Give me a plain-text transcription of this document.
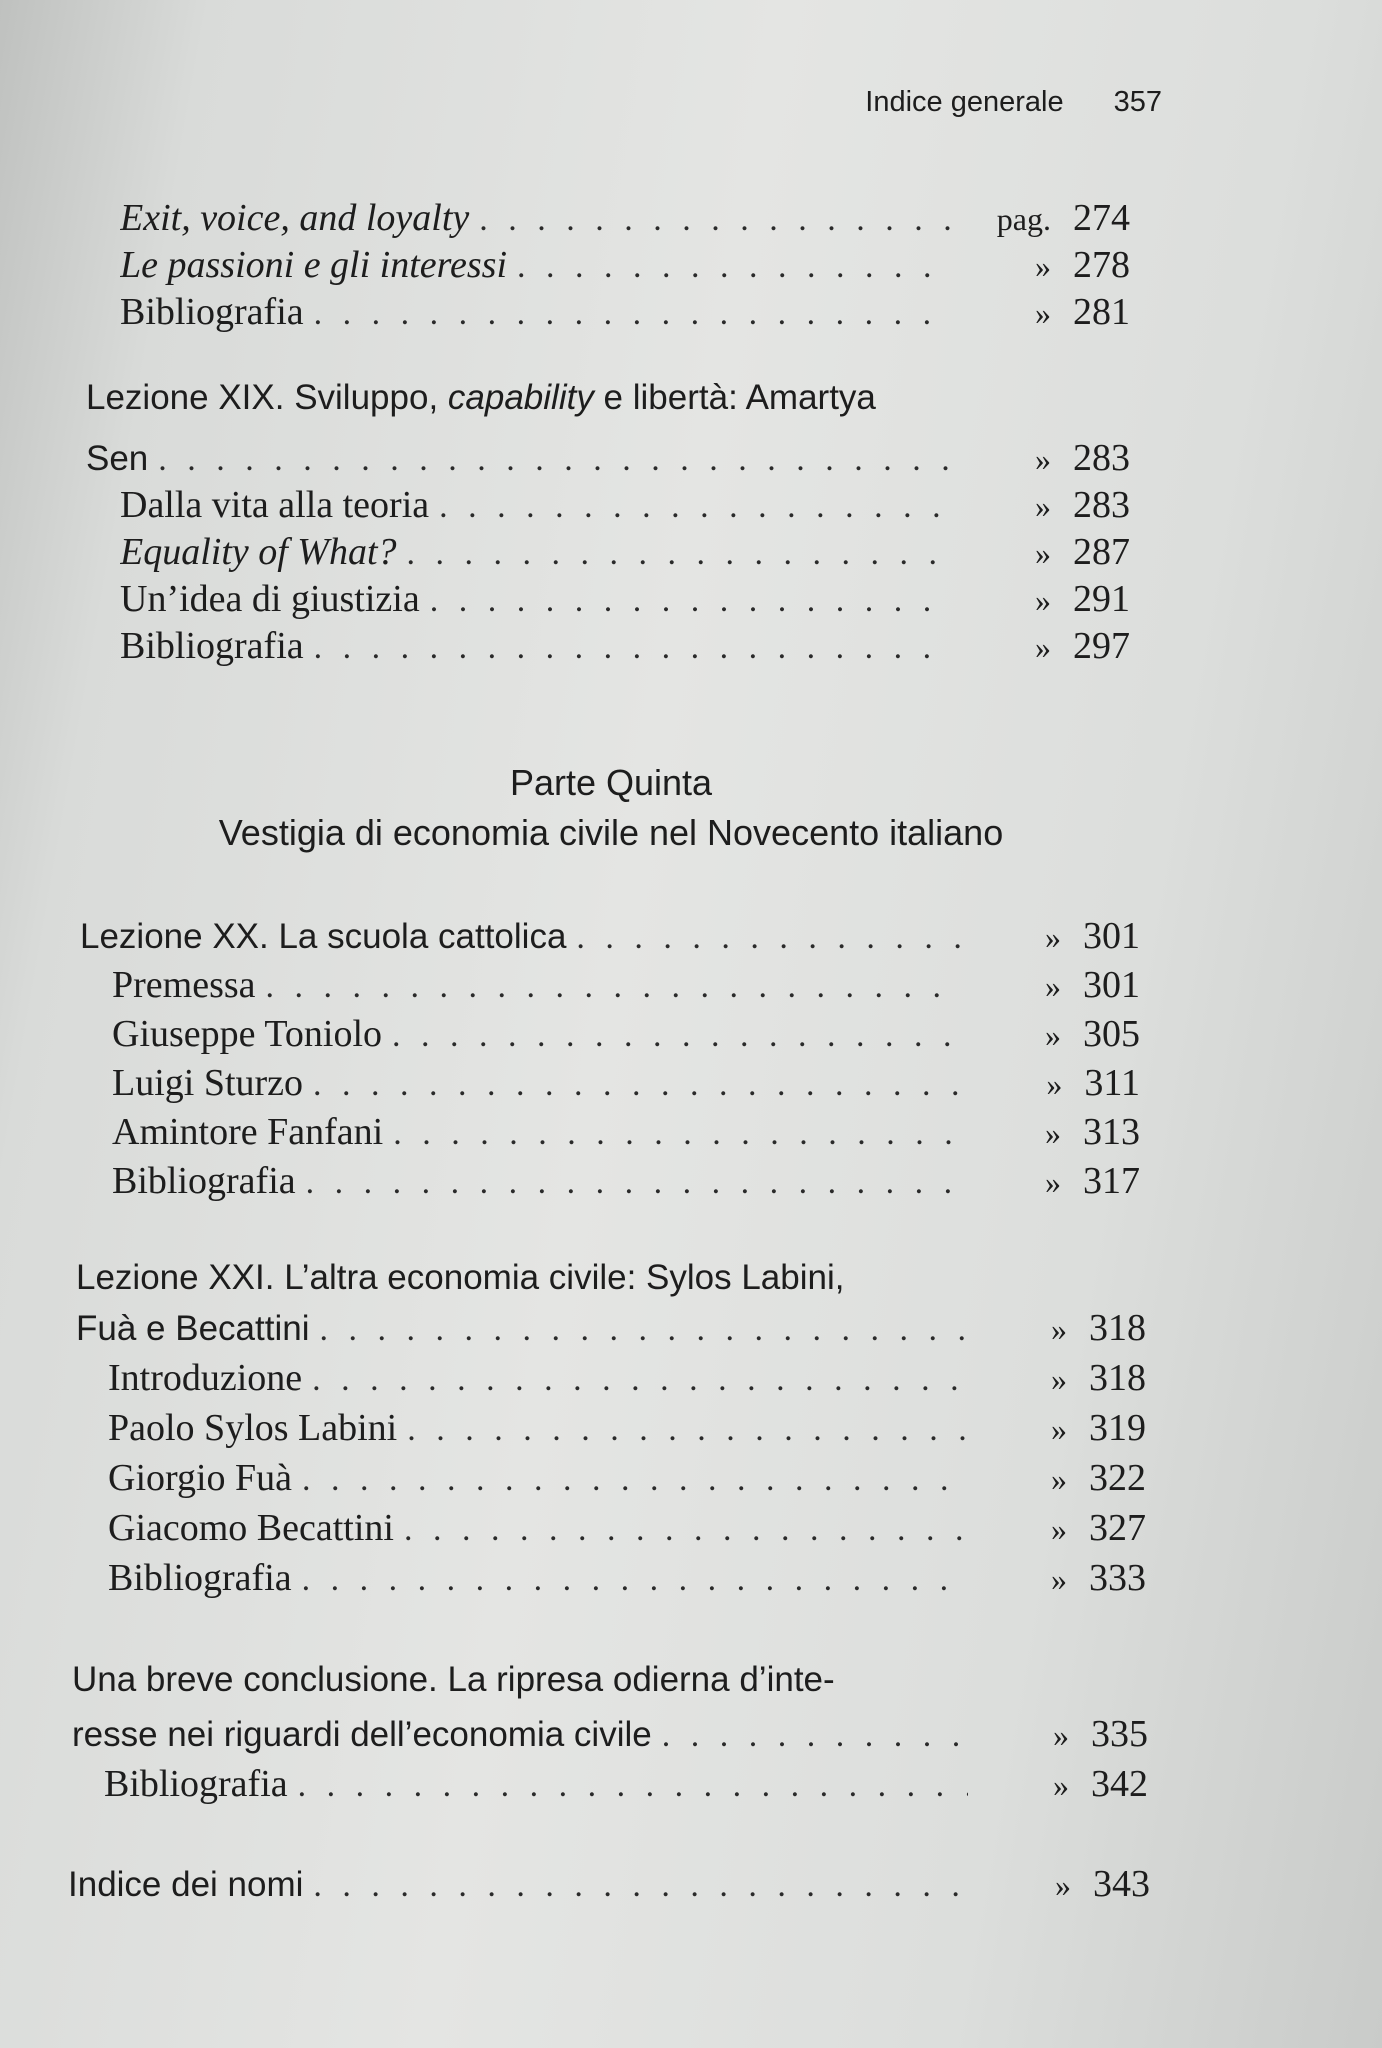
Indice generale 357
Exit, voice, and loyalty . . .	pag. 274
Le passioni e gli interessi . . .	» 278
Bibliografia . . .	» 281
Lezione XIX. Sviluppo, capability e libertà: Amartya
Sen . . .	» 283
Dalla vita alla teoria . . .	» 283
Equality of What? . . .	» 287
Un’idea di giustizia . . .	» 291
Bibliografia . . .	» 297
Parte Quinta
Vestigia di economia civile nel Novecento italiano
Lezione XX. La scuola cattolica . . .	» 301
Premessa . . .	» 301
Giuseppe Toniolo . . .	» 305
Luigi Sturzo . . .	» 311
Amintore Fanfani . . .	» 313
Bibliografia . . .	» 317
Lezione XXI. L’altra economia civile: Sylos Labini,
Fuà e Becattini . . .	» 318
Introduzione . . .	» 318
Paolo Sylos Labini . . .	» 319
Giorgio Fuà . . .	» 322
Giacomo Becattini . . .	» 327
Bibliografia . . .	» 333
Una breve conclusione. La ripresa odierna d’inte-
resse nei riguardi dell’economia civile . . .	» 335
Bibliografia . . .	» 342
Indice dei nomi . . .	» 343
